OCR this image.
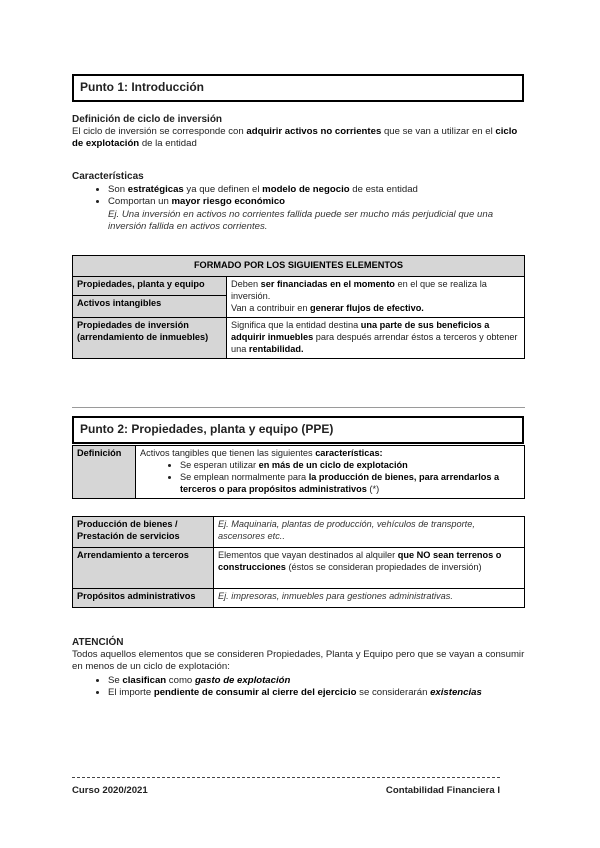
Punto 1: Introducción
Definición de ciclo de inversión
El ciclo de inversión se corresponde con adquirir activos no corrientes que se van a utilizar en el ciclo de explotación de la entidad
Características
• Son estratégicas ya que definen el modelo de negocio de esta entidad
• Comportan un mayor riesgo económico
Ej. Una inversión en activos no corrientes fallida puede ser mucho más perjudicial que una inversión fallida en activos corrientes.
FORMADO POR LOS SIGUIENTES ELEMENTOS	
Propiedades, planta y equipo	Deben ser financiadas en el momento en el que se realiza la inversión.
Van a contribuir en generar flujos de efectivo.
Activos intangibles	
Propiedades de inversión (arrendamiento de inmuebles)	Significa que la entidad destina una parte de sus beneficios a adquirir inmuebles para después arrendar éstos a terceros y obtener una rentabilidad.
Punto 2: Propiedades, planta y equipo (PPE)
Definición	Activos tangibles que tienen las siguientes características:
• Se esperan utilizar en más de un ciclo de explotación
• Se emplean normalmente para la producción de bienes, para arrendarlos a terceros o para propósitos administrativos (*)
Producción de bienes / Prestación de servicios	Ej. Maquinaria, plantas de producción, vehículos de transporte, ascensores etc..
Arrendamiento a terceros	Elementos que vayan destinados al alquiler que NO sean terrenos o construcciones (éstos se consideran propiedades de inversión)
Propósitos administrativos	Ej. impresoras, inmuebles para gestiones administrativas.
ATENCIÓN
Todos aquellos elementos que se consideren Propiedades, Planta y Equipo pero que se vayan a consumir en menos de un ciclo de explotación:
• Se clasifican como gasto de explotación
• El importe pendiente de consumir al cierre del ejercicio se considerarán existencias
Curso 2020/2021	Contabilidad Financiera I
